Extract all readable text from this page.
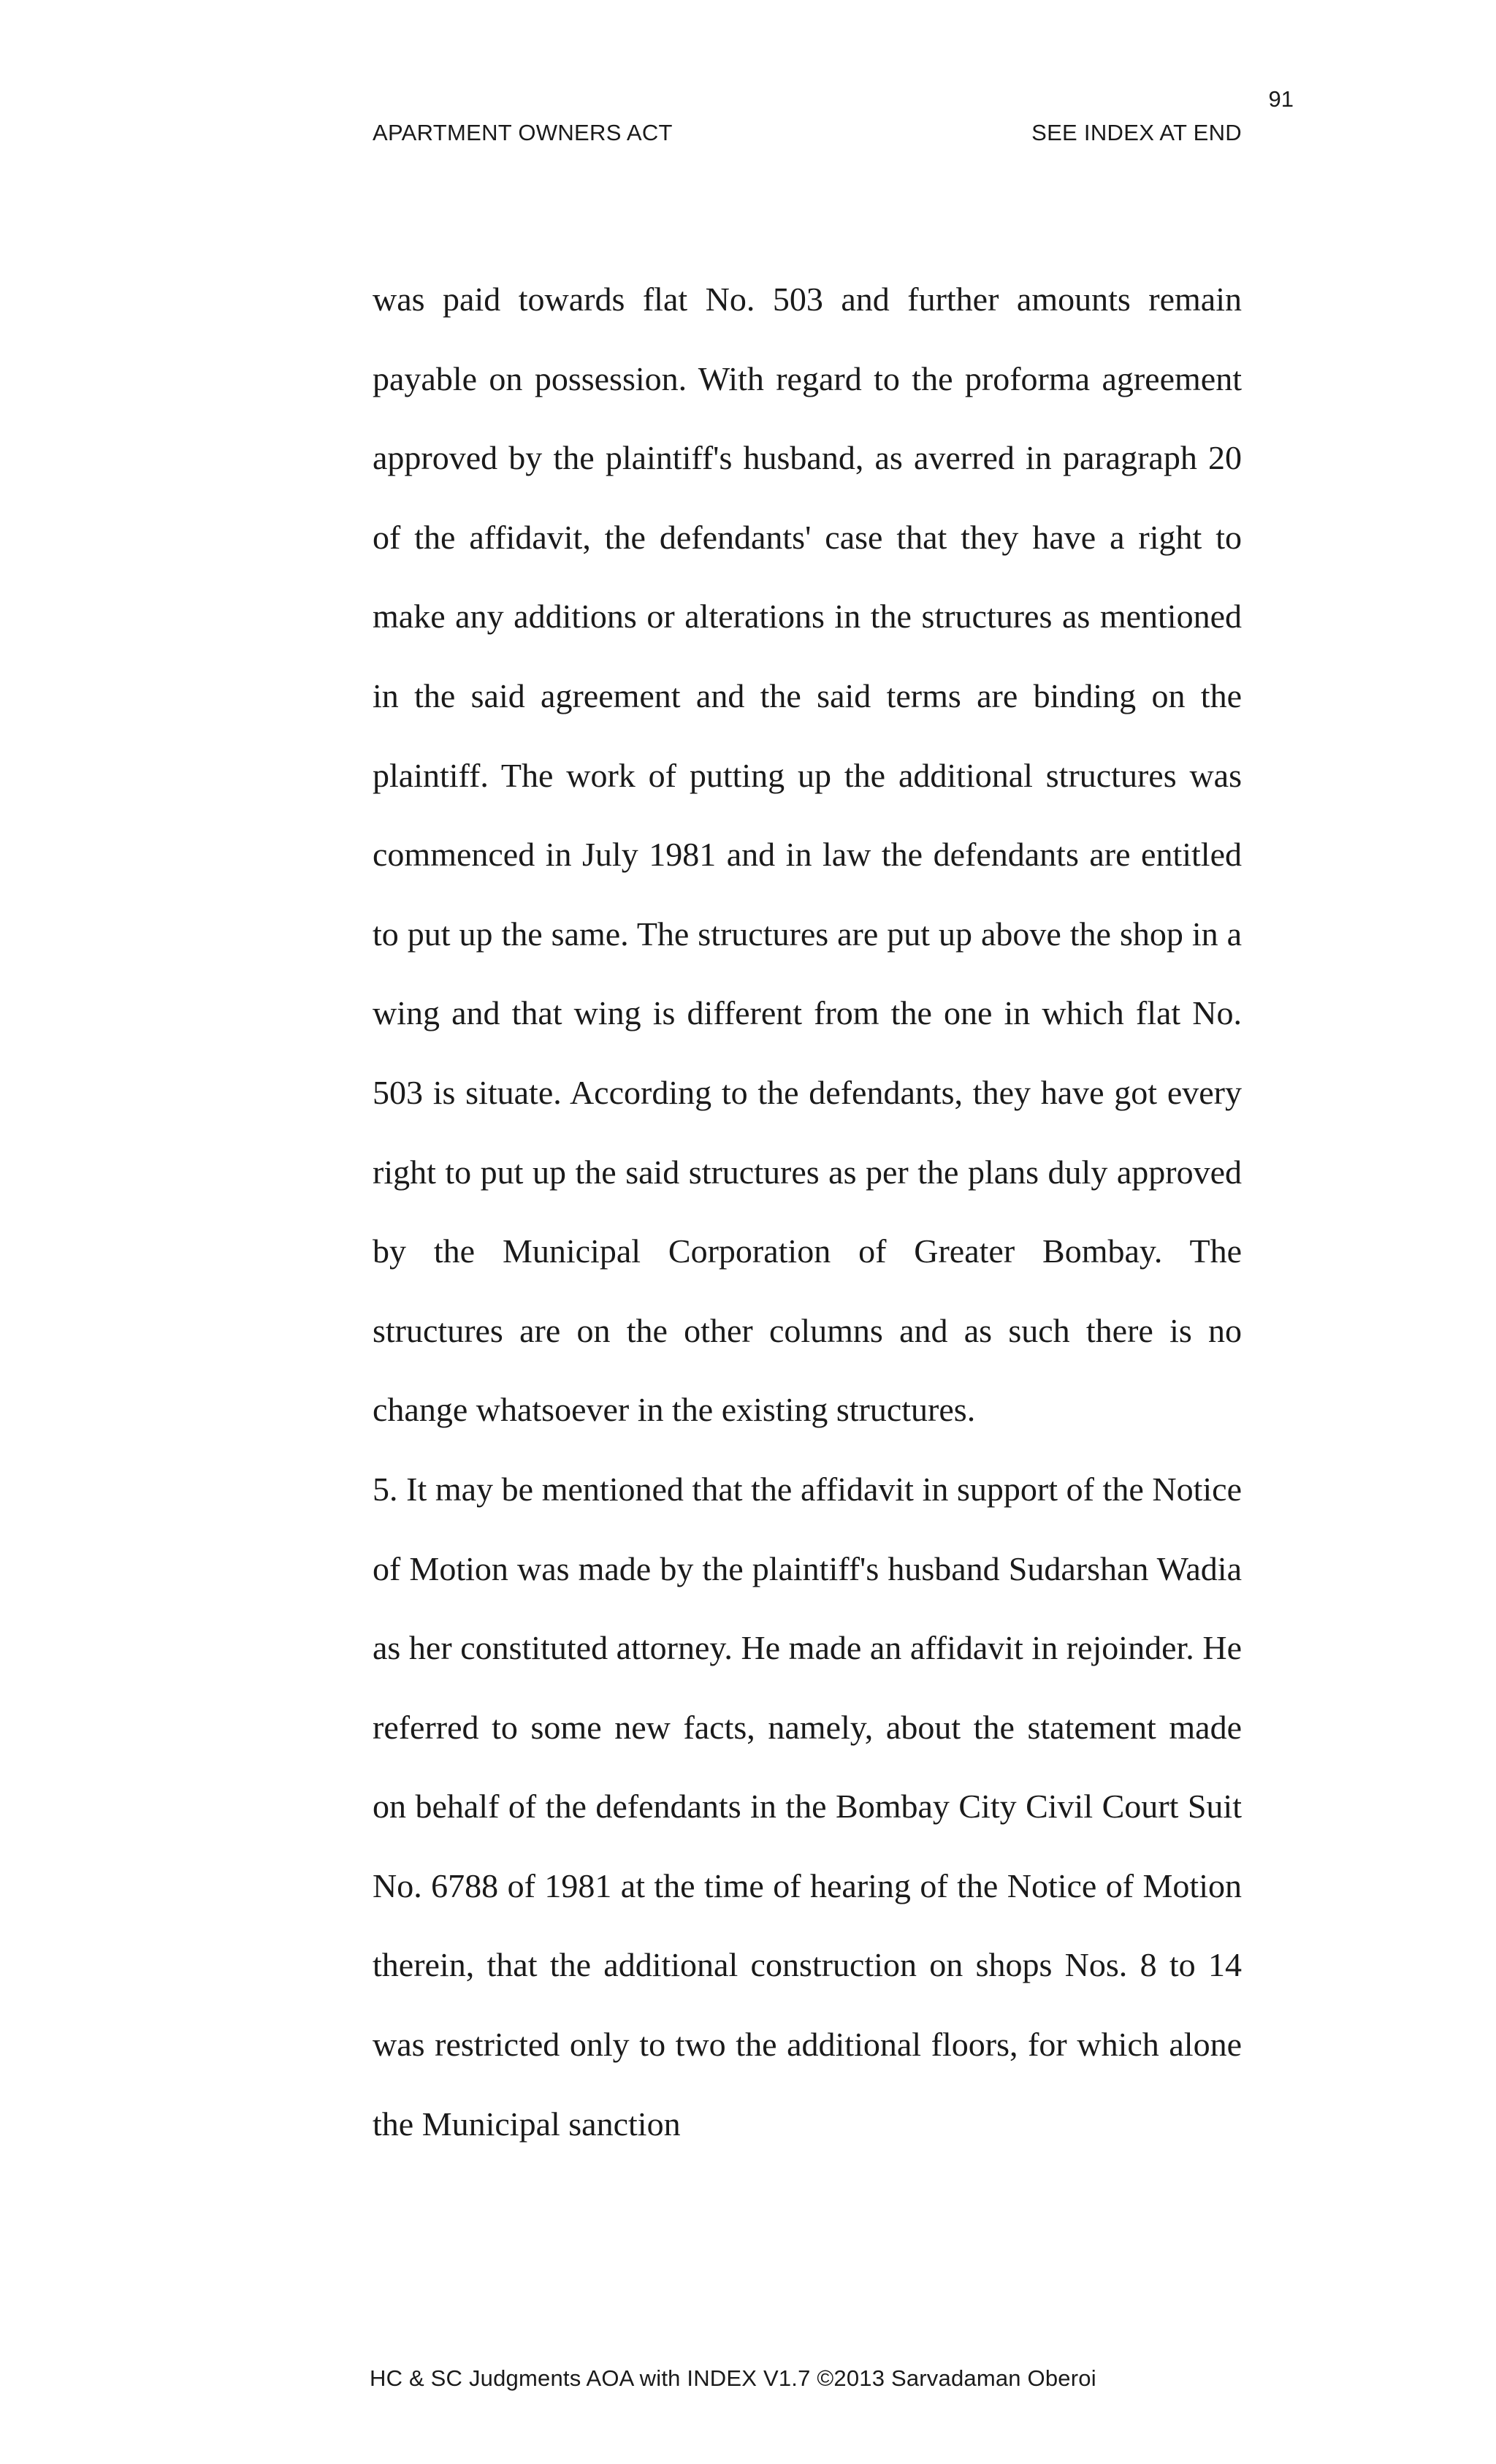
91
APARTMENT OWNERS ACT	SEE INDEX AT END

was paid towards flat No. 503 and further amounts remain payable on possession. With regard to the proforma agreement approved by the plaintiff's husband, as averred in paragraph 20 of the affidavit, the defendants' case that they have a right to make any additions or alterations in the structures as mentioned in the said agreement and the said terms are binding on the plaintiff. The work of putting up the additional structures was commenced in July 1981 and in law the defendants are entitled to put up the same. The structures are put up above the shop in a wing and that wing is different from the one in which flat No. 503 is situate. According to the defendants, they have got every right to put up the said structures as per the plans duly approved by the Municipal Corporation of Greater Bombay. The structures are on the other columns and as such there is no change whatsoever in the existing structures.

5. It may be mentioned that the affidavit in support of the Notice of Motion was made by the plaintiff's husband Sudarshan Wadia as her constituted attorney. He made an affidavit in rejoinder. He referred to some new facts, namely, about the statement made on behalf of the defendants in the Bombay City Civil Court Suit No. 6788 of 1981 at the time of hearing of the Notice of Motion therein, that the additional construction on shops Nos. 8 to 14 was restricted only to two the additional floors, for which alone the Municipal sanction

HC & SC Judgments AOA with INDEX V1.7 ©2013 Sarvadaman Oberoi
